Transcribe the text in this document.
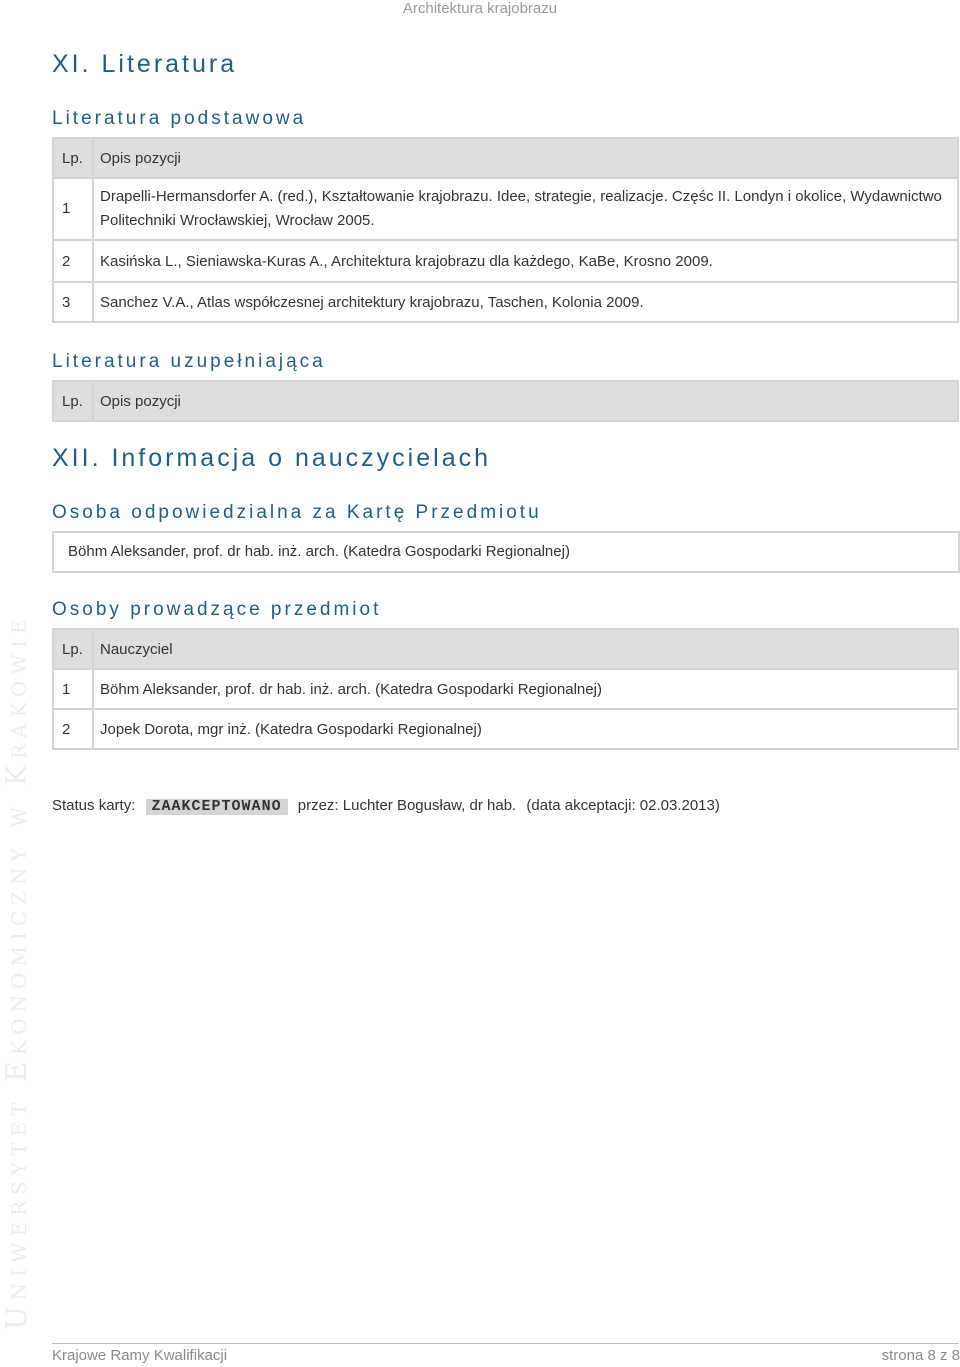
Architektura krajobrazu
Uniwersytet Ekonomiczny w Krakowie
XI. Literatura
Literatura podstawowa
Lp.	Opis pozycji
1	Drapelli-Hermansdorfer A. (red.), Kształtowanie krajobrazu. Idee, strategie, realizacje. Częśc II. Londyn i okolice, Wydawnictwo Politechniki Wrocławskiej, Wrocław 2005.
2	Kasińska L., Sieniawska-Kuras A., Architektura krajobrazu dla każdego, KaBe, Krosno 2009.
3	Sanchez V.A., Atlas współczesnej architektury krajobrazu, Taschen, Kolonia 2009.
Literatura uzupełniająca
Lp.	Opis pozycji
XII. Informacja o nauczycielach
Osoba odpowiedzialna za Kartę Przedmiotu
Böhm Aleksander, prof. dr hab. inż. arch. (Katedra Gospodarki Regionalnej)
Osoby prowadzące przedmiot
Lp.	Nauczyciel
1	Böhm Aleksander, prof. dr hab. inż. arch. (Katedra Gospodarki Regionalnej)
2	Jopek Dorota, mgr inż. (Katedra Gospodarki Regionalnej)
Status karty: ZAAKCEPTOWANO przez: Luchter Bogusław, dr hab. (data akceptacji: 02.03.2013)
Krajowe Ramy Kwalifikacji	strona 8 z 8
